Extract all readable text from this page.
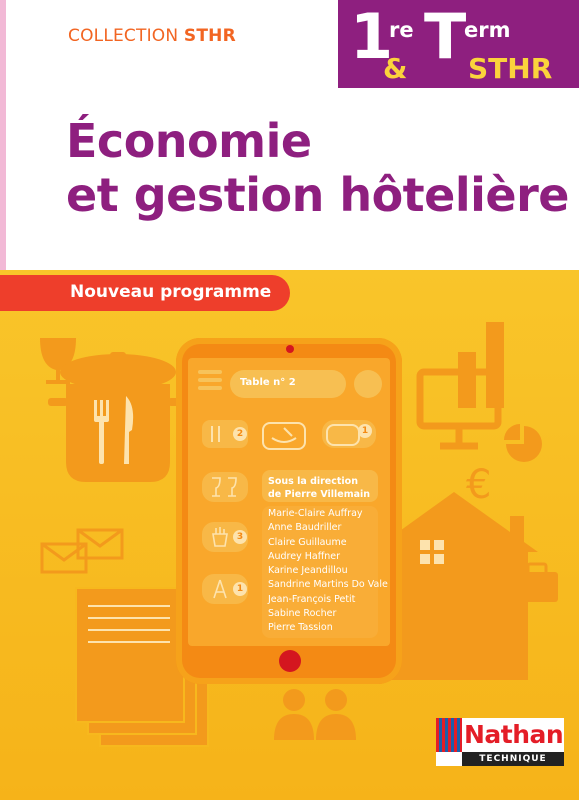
COLLECTION STHR 1
re
& T
erm
STHR
Économie
et gestion hôtelière
€
Nouveau programme
Table n° 2
2	1
3
1
Sous la direction
de Pierre Villemain
Marie-Claire Auffray
Anne Baudriller
Claire Guillaume
Audrey Haffner
Karine Jeandillou
Sandrine Martins Do Vale
Jean-François Petit
Sabine Rocher
Pierre Tassion
Nathan
TECHNIQUE
